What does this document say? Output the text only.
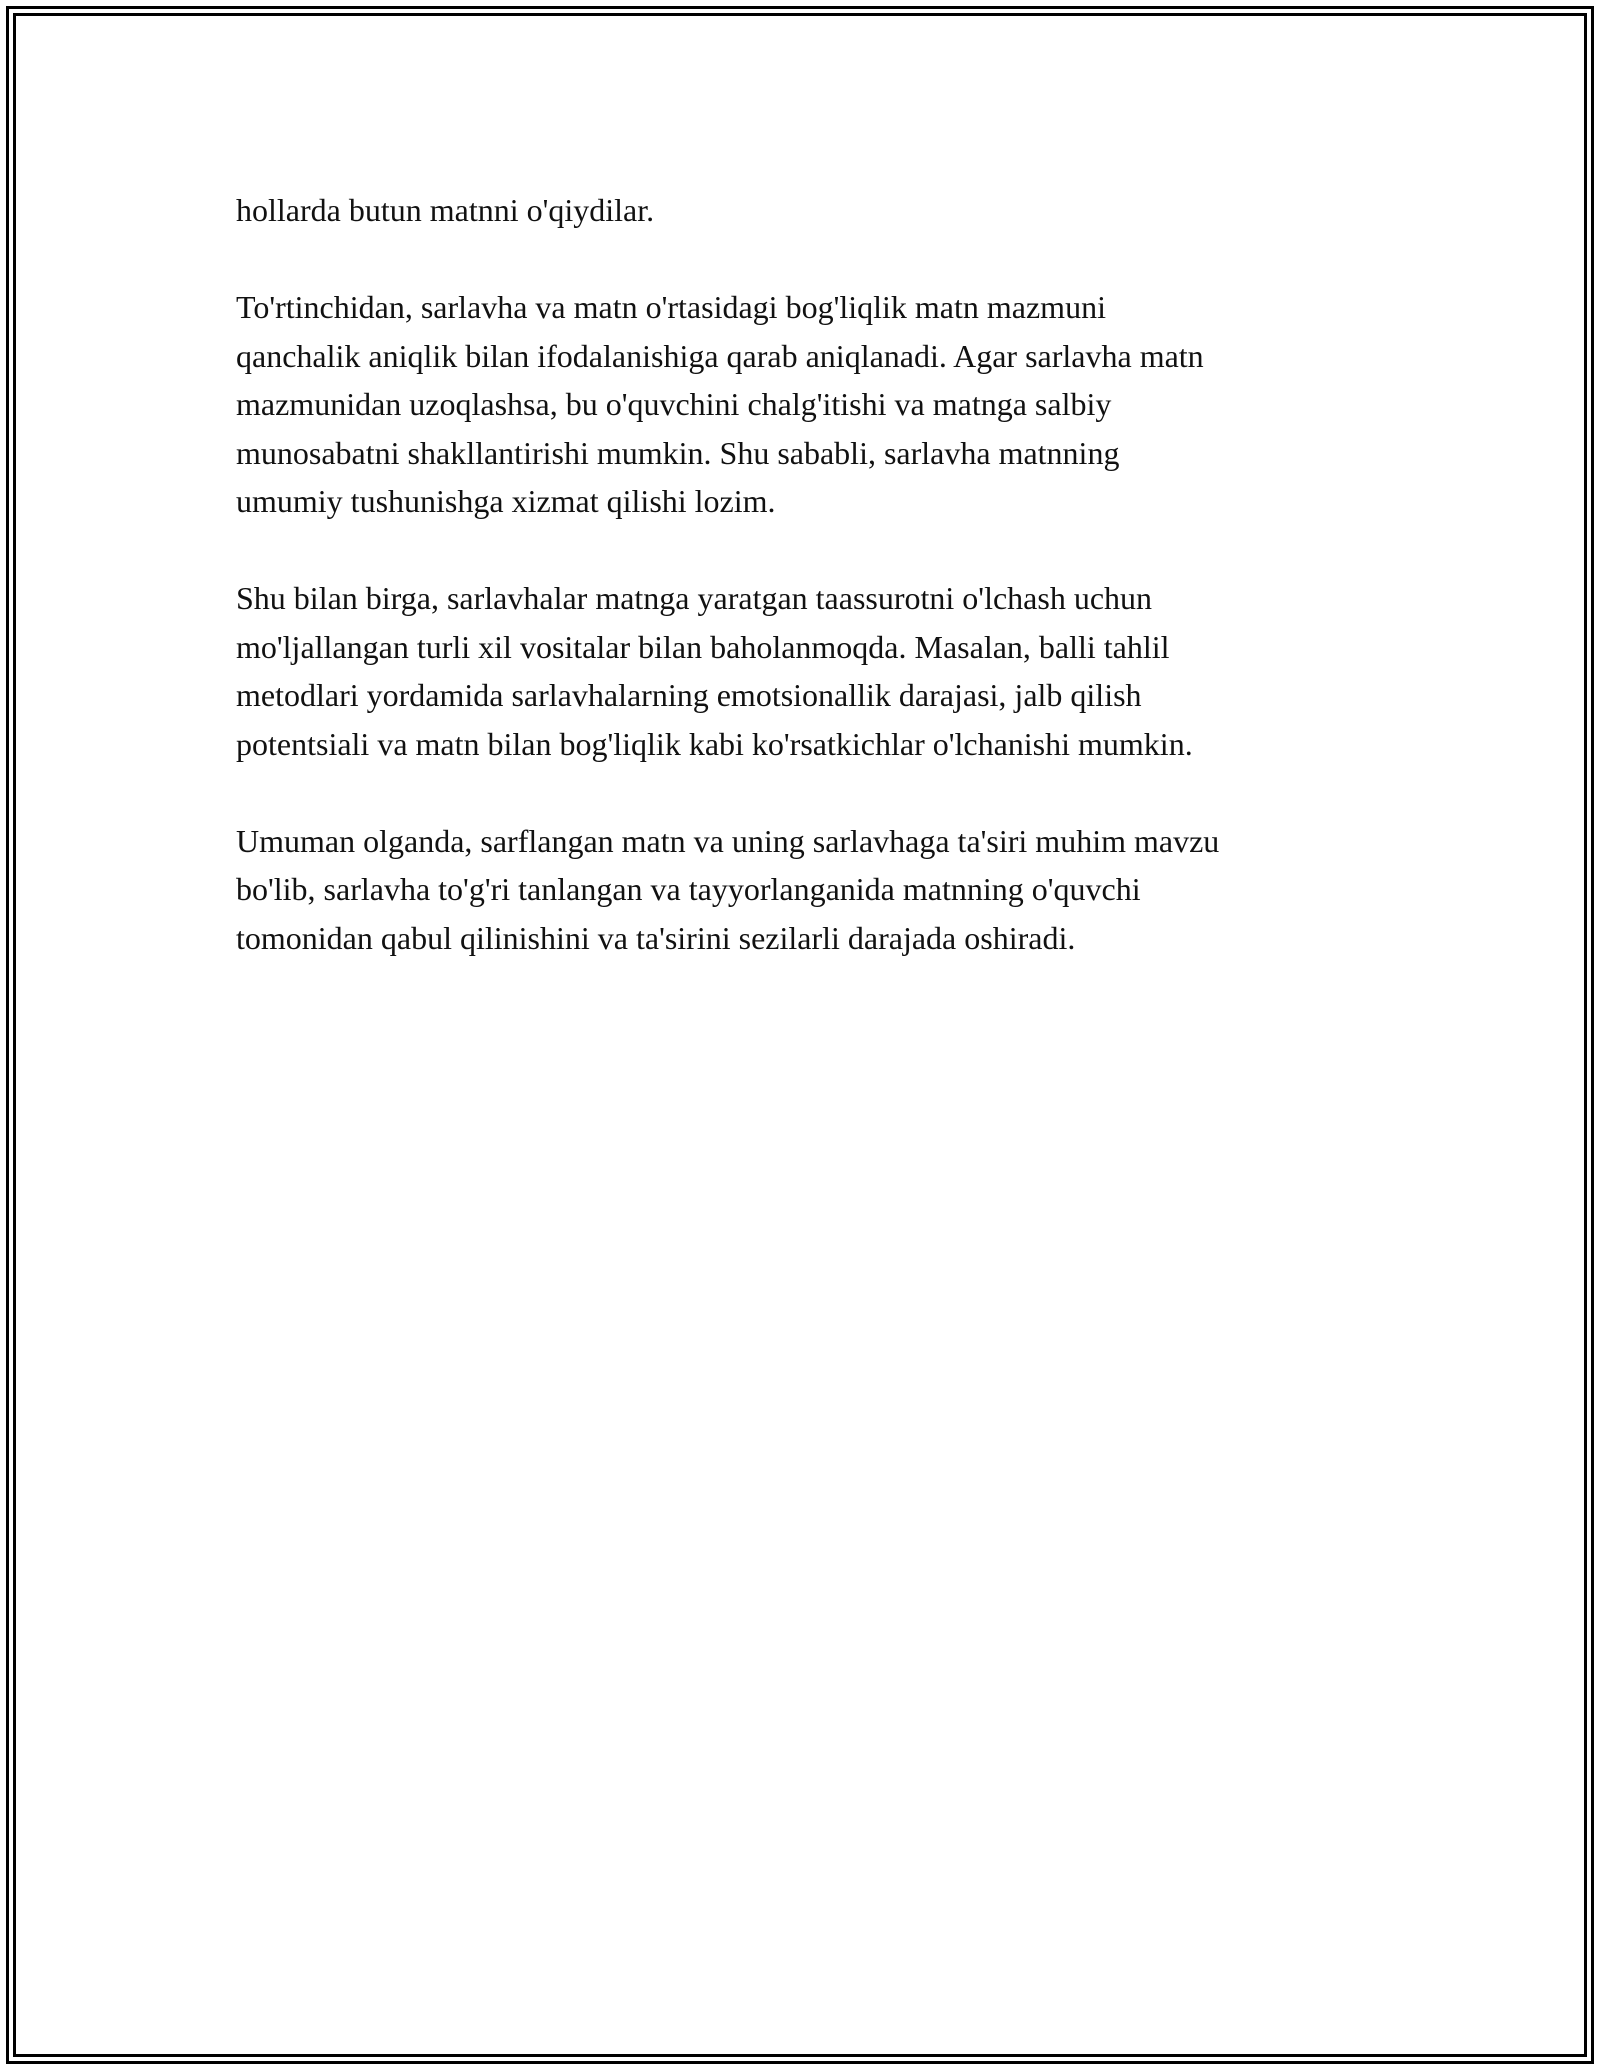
hollarda butun matnni o'qiydilar.

To'rtinchidan, sarlavha va matn o'rtasidagi bog'liqlik matn mazmuni
qanchalik aniqlik bilan ifodalanishiga qarab aniqlanadi. Agar sarlavha matn
mazmunidan uzoqlashsa, bu o'quvchini chalg'itishi va matnga salbiy
munosabatni shakllantirishi mumkin. Shu sababli, sarlavha matnning
umumiy tushunishga xizmat qilishi lozim.

Shu bilan birga, sarlavhalar matnga yaratgan taassurotni o'lchash uchun
mo'ljallangan turli xil vositalar bilan baholanmoqda. Masalan, balli tahlil
metodlari yordamida sarlavhalarning emotsionallik darajasi, jalb qilish
potentsiali va matn bilan bog'liqlik kabi ko'rsatkichlar o'lchanishi mumkin.

Umuman olganda, sarflangan matn va uning sarlavhaga ta'siri muhim mavzu
bo'lib, sarlavha to'g'ri tanlangan va tayyorlanganida matnning o'quvchi
tomonidan qabul qilinishini va ta'sirini sezilarli darajada oshiradi.
